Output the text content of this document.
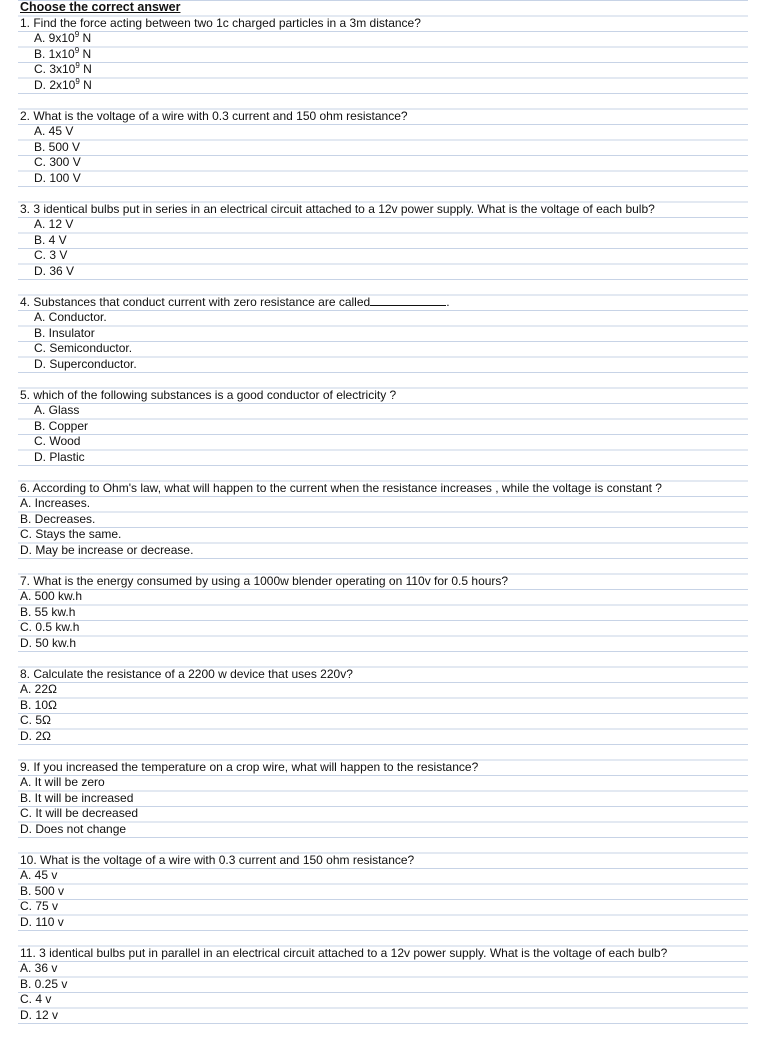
Choose the correct answer
1. Find the force acting between two 1c charged particles in a 3m distance?
A. $9x10^9$ N
B. $1x10^9$ N
C. $3x10^9$ N
D. $2x10^9$ N
2. What is the voltage of a wire with 0.3 current and 150 ohm resistance?
A. 45 V
B. 500 V
C. 300 V
D. 100 V
3. 3 identical bulbs put in series in an electrical circuit attached to a 12v power supply. What is the voltage of each bulb?
A. 12 V
B. 4 V
C. 3 V
D. 36 V
4. Substances that conduct current with zero resistance are called	.
A. Conductor.
B. Insulator
C. Semiconductor.
D. Superconductor.
5. which of the following substances is a good conductor of electricity ?
A. Glass
B. Copper
C. Wood
D. Plastic
6. According to Ohm's law, what will happen to the current when the resistance increases , while the voltage is constant ?
A. Increases.
B. Decreases.
C. Stays the same.
D. May be increase or decrease.
7. What is the energy consumed by using a 1000w blender operating on 110v for 0.5 hours?
A. 500 kw.h
B. 55 kw.h
C. 0.5 kw.h
D. 50 kw.h
8. Calculate the resistance of a 2200 w device that uses 220v?
A. 22Ω
B. 10Ω
C. 5Ω
D. 2Ω
9. If you increased the temperature on a crop wire, what will happen to the resistance?
A. It will be zero
B. It will be increased
C. It will be decreased
D. Does not change
10. What is the voltage of a wire with 0.3 current and 150 ohm resistance?
A. 45 v
B. 500 v
C. 75 v
D. 110 v
11. 3 identical bulbs put in parallel in an electrical circuit attached to a 12v power supply. What is the voltage of each bulb?
A. 36 v
B. 0.25 v
C. 4 v
D. 12 v
